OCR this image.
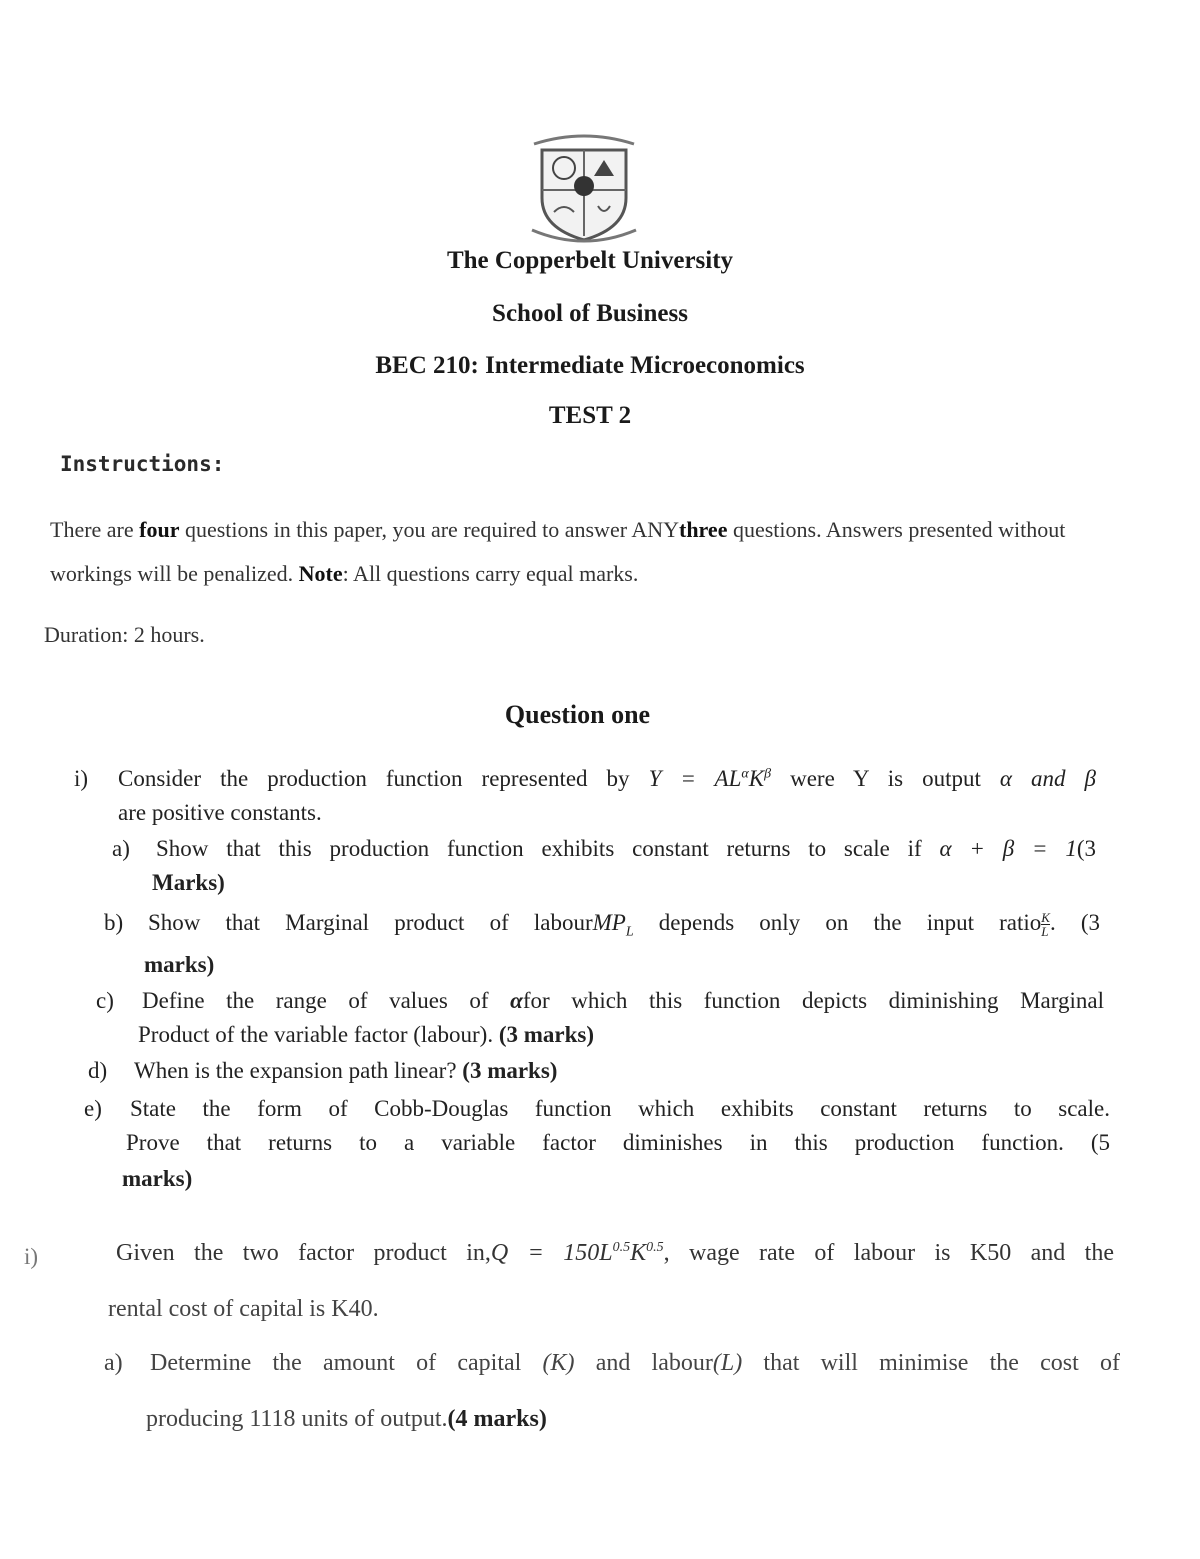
The Copperbelt University
School of Business
BEC 210: Intermediate Microeconomics
TEST 2
Instructions:
There are four questions in this paper, you are required to answer ANYthree questions. Answers presented without workings will be penalized. Note: All questions carry equal marks.
Duration: 2 hours.
Question one
i) Consider the production function represented by $Y = AL^\alpha K^\beta$ were Y is output α and β
are positive constants.
a) Show that this production function exhibits constant returns to scale if α + β = 1(3
Marks)
b) Show that Marginal product of labourMP$_L$ depends only on the input ratio $\frac{K}{L}$ . (3
marks)
c) Define the range of values of αfor which this function depicts diminishing Marginal
Product of the variable factor (labour). (3 marks)
d) When is the expansion path linear? (3 marks)
e) State the form of Cobb-Douglas function which exhibits constant returns to scale.
Prove that returns to a variable factor diminishes in this production function. (5
marks)
i)	Given the two factor product $in,Q = 150L^{0.5}K^{0.5}$, wage rate of labour is K50 and the
rental cost of capital is K40.
a) Determine the amount of capital (K) and labour(L) that will minimise the cost of
producing 1118 units of output.(4 marks)
